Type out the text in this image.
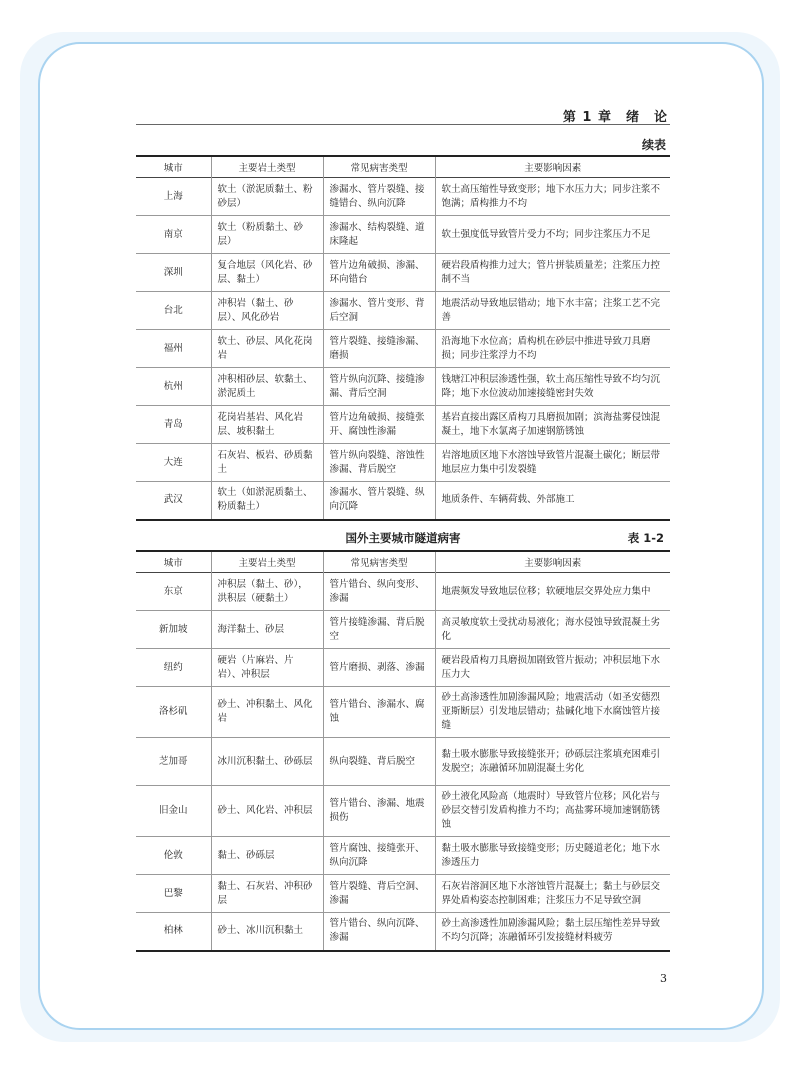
第 1 章　绪　论
续表
城市	主要岩土类型	常见病害类型	主要影响因素
上海	软土（淤泥质黏土、粉砂层）	渗漏水、管片裂缝、接缝错台、纵向沉降	软土高压缩性导致变形；地下水压力大；同步注浆不饱满；盾构推力不均
南京	软土（粉质黏土、砂层）	渗漏水、结构裂缝、道床隆起	软土强度低导致管片受力不均；同步注浆压力不足
深圳	复合地层（风化岩、砂层、黏土）	管片边角破损、渗漏、环向错台	硬岩段盾构推力过大；管片拼装质量差；注浆压力控制不当
台北	冲积岩（黏土、砂层）、风化砂岩	渗漏水、管片变形、背后空洞	地震活动导致地层错动；地下水丰富；注浆工艺不完善
福州	软土、砂层、风化花岗岩	管片裂缝、接缝渗漏、磨损	沿海地下水位高；盾构机在砂层中推进导致刀具磨损；同步注浆浮力不均
杭州	冲积相砂层、软黏土、淤泥质土	管片纵向沉降、接缝渗漏、背后空洞	钱塘江冲积层渗透性强，软土高压缩性导致不均匀沉降；地下水位波动加速接缝密封失效
青岛	花岗岩基岩、风化岩层、坡积黏土	管片边角破损、接缝张开、腐蚀性渗漏	基岩直接出露区盾构刀具磨损加剧；滨海盐雾侵蚀混凝土，地下水氯离子加速钢筋锈蚀
大连	石灰岩、板岩、砂质黏土	管片纵向裂缝、溶蚀性渗漏、背后脱空	岩溶地质区地下水溶蚀导致管片混凝土碳化；断层带地层应力集中引发裂缝
武汉	软土（如淤泥质黏土、粉质黏土）	渗漏水、管片裂缝、纵向沉降	地质条件、车辆荷载、外部施工
国外主要城市隧道病害	表 1-2
城市	主要岩土类型	常见病害类型	主要影响因素
东京	冲积层（黏土、砂），洪积层（硬黏土）	管片错台、纵向变形、渗漏	地震频发导致地层位移；软硬地层交界处应力集中
新加坡	海洋黏土、砂层	管片接缝渗漏、背后脱空	高灵敏度软土受扰动易液化；海水侵蚀导致混凝土劣化
纽约	硬岩（片麻岩、片岩）、冲积层	管片磨损、剥落、渗漏	硬岩段盾构刀具磨损加剧致管片振动；冲积层地下水压力大
洛杉矶	砂土、冲积黏土、风化岩	管片错台、渗漏水、腐蚀	砂土高渗透性加剧渗漏风险；地震活动（如圣安德烈亚斯断层）引发地层错动；盐碱化地下水腐蚀管片接缝
芝加哥	冰川沉积黏土、砂砾层	纵向裂缝、背后脱空	黏土吸水膨胀导致接缝张开；砂砾层注浆填充困难引发脱空；冻融循环加剧混凝土劣化
旧金山	砂土、风化岩、冲积层	管片错台、渗漏、地震损伤	砂土液化风险高（地震时）导致管片位移；风化岩与砂层交替引发盾构推力不均；高盐雾环境加速钢筋锈蚀
伦敦	黏土、砂砾层	管片腐蚀、接缝张开、纵向沉降	黏土吸水膨胀导致接缝变形；历史隧道老化；地下水渗透压力
巴黎	黏土、石灰岩、冲积砂层	管片裂缝、背后空洞、渗漏	石灰岩溶洞区地下水溶蚀管片混凝土；黏土与砂层交界处盾构姿态控制困难；注浆压力不足导致空洞
柏林	砂土、冰川沉积黏土	管片错台、纵向沉降、渗漏	砂土高渗透性加剧渗漏风险；黏土层压缩性差异导致不均匀沉降；冻融循环引发接缝材料疲劳
3
